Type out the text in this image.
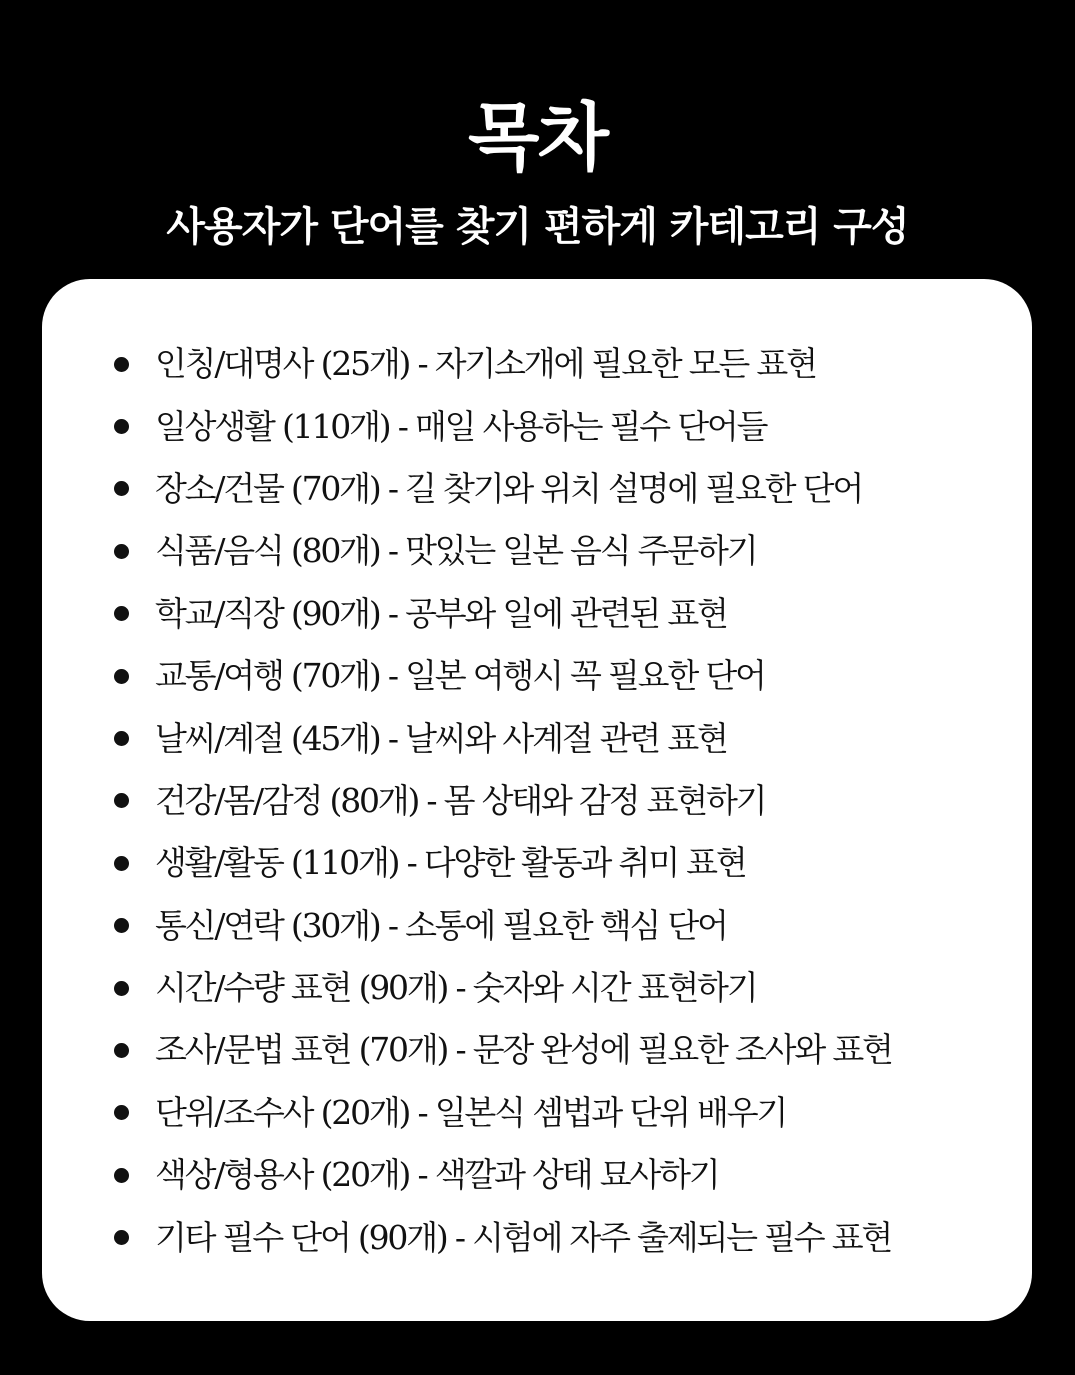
목차
사용자가 단어를 찾기 편하게 카테고리 구성
인칭/대명사 (25개) - 자기소개에 필요한 모든 표현
일상생활 (110개) - 매일 사용하는 필수 단어들
장소/건물 (70개) - 길 찾기와 위치 설명에 필요한 단어
식품/음식 (80개) - 맛있는 일본 음식 주문하기
학교/직장 (90개) - 공부와 일에 관련된 표현
교통/여행 (70개) - 일본 여행시 꼭 필요한 단어
날씨/계절 (45개) - 날씨와 사계절 관련 표현
건강/몸/감정 (80개) - 몸 상태와 감정 표현하기
생활/활동 (110개) - 다양한 활동과 취미 표현
통신/연락 (30개) - 소통에 필요한 핵심 단어
시간/수량 표현 (90개) - 숫자와 시간 표현하기
조사/문법 표현 (70개) - 문장 완성에 필요한 조사와 표현
단위/조수사 (20개) - 일본식 셈법과 단위 배우기
색상/형용사 (20개) - 색깔과 상태 묘사하기
기타 필수 단어 (90개) - 시험에 자주 출제되는 필수 표현
